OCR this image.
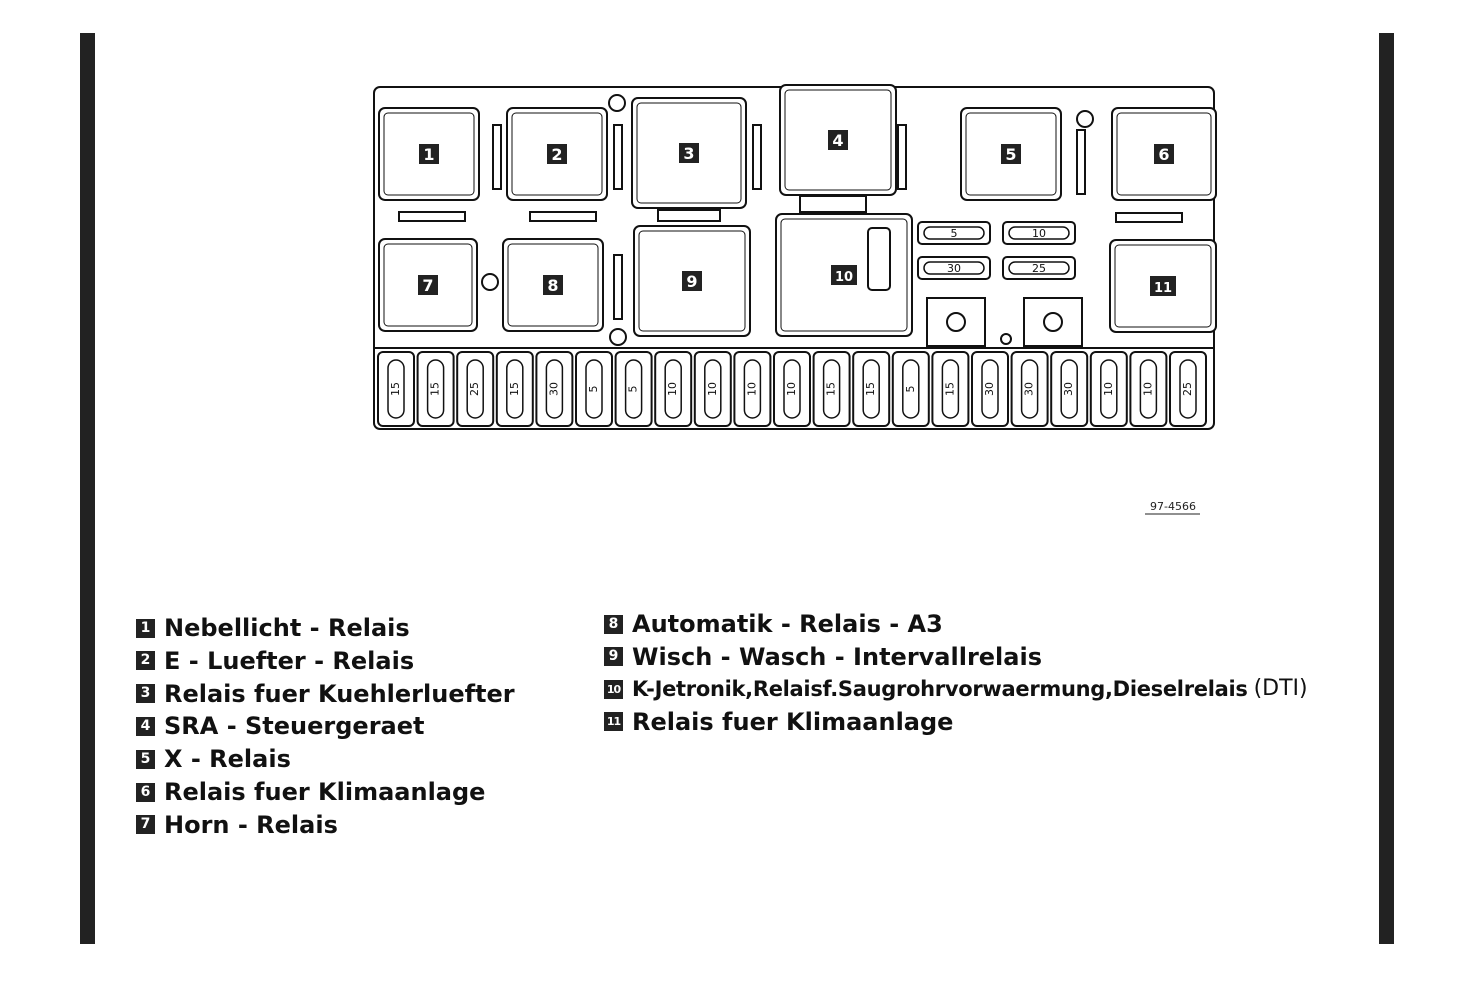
1	2	3
4
5	6
7	8	9	10
11
5	10
30	25
15 15 25 15 30 5 5 10 10 10 10 15 15 5 15 30 30 30 10 10 25
97-4566
1 Nebellicht - Relais
2 E - Luefter - Relais
3 Relais fuer Kuehlerluefter
4 SRA - Steuergeraet
5 X - Relais
6 Relais fuer Klimaanlage
7 Horn - Relais
8 Automatik - Relais - A3
9 Wisch - Wasch - Intervallrelais
10 K-Jetronik,Relaisf.Saugrohrvorwaermung,Dieselrelais (DTI)
11 Relais fuer Klimaanlage
